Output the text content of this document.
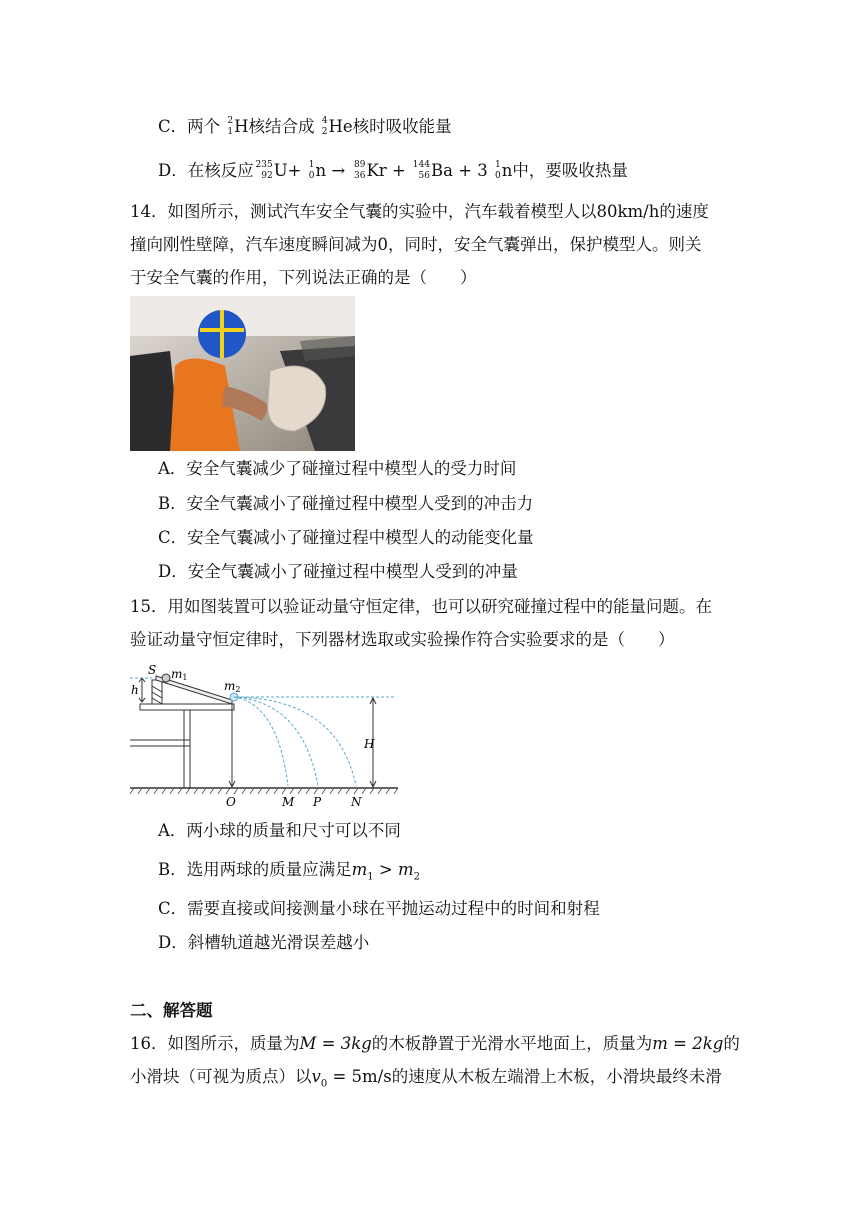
C．两个 2
1 H核结合成 4
2 He核时吸收能量
D．在核反应 235
92 U+ 1
0 n → 89
36 Kr + 144
56 Ba + 3 1
0 n中，要吸收热量
14．如图所示，测试汽车安全气囊的实验中，汽车载着模型人以80km/h的速度
撞向刚性壁障，汽车速度瞬间减为0，同时，安全气囊弹出，保护模型人。则关
于安全气囊的作用，下列说法正确的是（　　）
A．安全气囊减少了碰撞过程中模型人的受力时间
B．安全气囊减小了碰撞过程中模型人受到的冲击力
C．安全气囊减小了碰撞过程中模型人的动能变化量
D．安全气囊减小了碰撞过程中模型人受到的冲量
15．用如图装置可以验证动量守恒定律，也可以研究碰撞过程中的能量问题。在
验证动量守恒定律时，下列器材选取或实验操作符合实验要求的是（　　）
S m1
m2
h
H
O	M P N
A．两小球的质量和尺寸可以不同
B．选用两球的质量应满足$m_1 > m_2$
C．需要直接或间接测量小球在平抛运动过程中的时间和射程
D．斜槽轨道越光滑误差越小
二、解答题
16．如图所示，质量为M = 3kg的木板静置于光滑水平地面上，质量为m = 2kg的
小滑块（可视为质点）以$v_0 = 5m/s$的速度从木板左端滑上木板，小滑块最终未滑
